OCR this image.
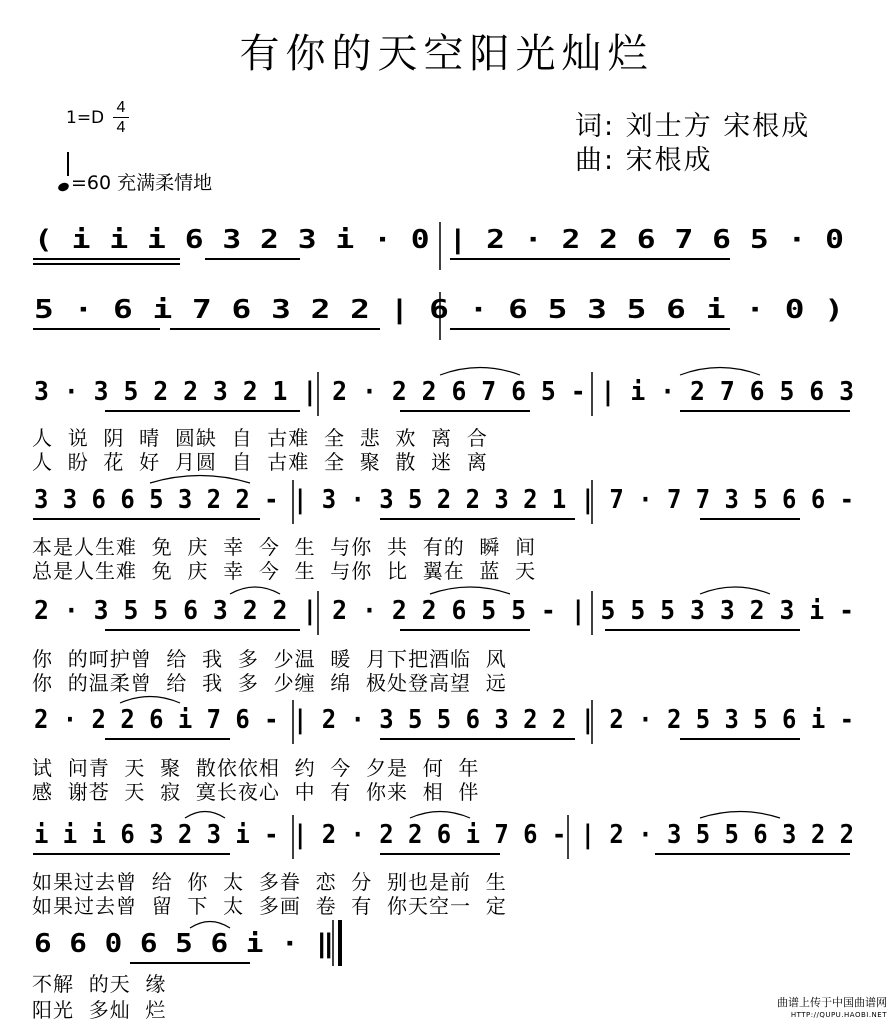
有你的天空阳光灿烂
1=D
4
4	词: 刘士方 宋根成
曲: 宋根成
=60 充满柔情地
( i i i 6 3 2 3 i · 0 | 2 · 2 2 6 7 6 5 · 0
5 · 6 i 7 6 3 2 2 | 6 · 6 5 3 5 6 i · 0 )
3 · 3 5 2 2 3 2 1 | 2 · 2 2 6 7 6 5 - | i · 2 7 6 5 6 3
3 3 6 6 5 3 2 2 - | 3 · 3 5 2 2 3 2 1 | 7 · 7 7 3 5 6 6 -
2 · 3 5 5 6 3 2 2 | 2 · 2 2 6 5 5 - | 5 5 5 3 3 2 3 i -
2 · 2 2 6 i 7 6 - | 2 · 3 5 5 6 3 2 2 | 2 · 2 5 3 5 6 i -
i i i 6 3 2 3 i - | 2 · 2 2 6 i 7 6 - | 2 · 3 5 5 6 3 2 2
6 6 0 6 5 6 i · ‖
人  说  阴  晴  圆缺  自  古难  全  悲  欢  离  合
人  盼  花  好  月圆  自  古难  全  聚  散  迷  离
本是人生难  免  庆  幸  今  生  与你  共  有的  瞬  间
总是人生难  免  庆  幸  今  生  与你  比  翼在  蓝  天
你  的呵护曾  给  我  多  少温  暖  月下把酒临  风
你  的温柔曾  给  我  多  少缠  绵  极处登高望  远
试  问青  天  聚  散依依相  约  今  夕是  何  年
感  谢苍  天  寂  寞长夜心  中  有  你来  相  伴
如果过去曾  给  你  太  多眷  恋  分  别也是前  生
如果过去曾  留  下  太  多画  卷  有  你天空一  定
不解  的天  缘
阳光  多灿  烂	曲谱上传于中国曲谱网
HTTP://QUPU.HAOBI.NET
